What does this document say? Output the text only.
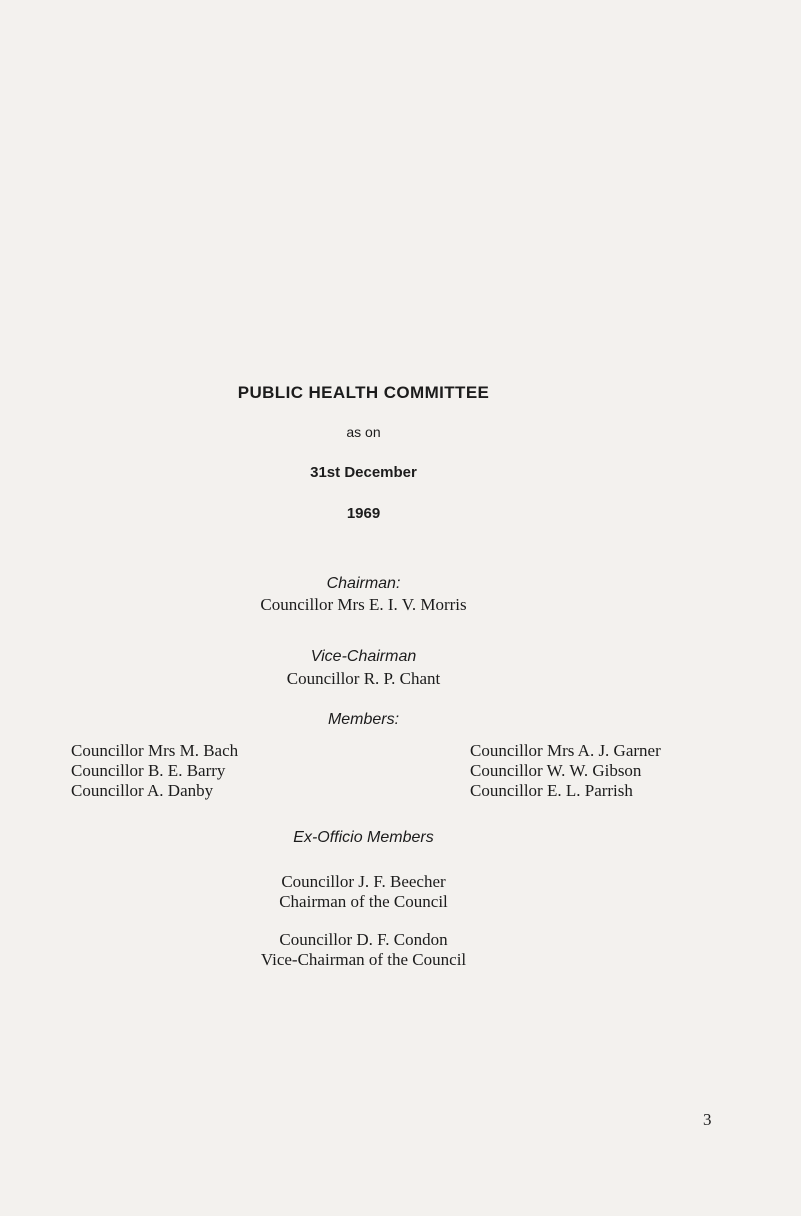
PUBLIC HEALTH COMMITTEE
as on
31st December
1969
Chairman:
Councillor Mrs E. I. V. Morris
Vice-Chairman
Councillor R. P. Chant
Members:
Councillor Mrs M. Bach
Councillor B. E. Barry
Councillor A. Danby
Councillor Mrs A. J. Garner
Councillor W. W. Gibson
Councillor E. L. Parrish
Ex-Officio Members
Councillor J. F. Beecher
Chairman of the Council
Councillor D. F. Condon
Vice-Chairman of the Council
3
